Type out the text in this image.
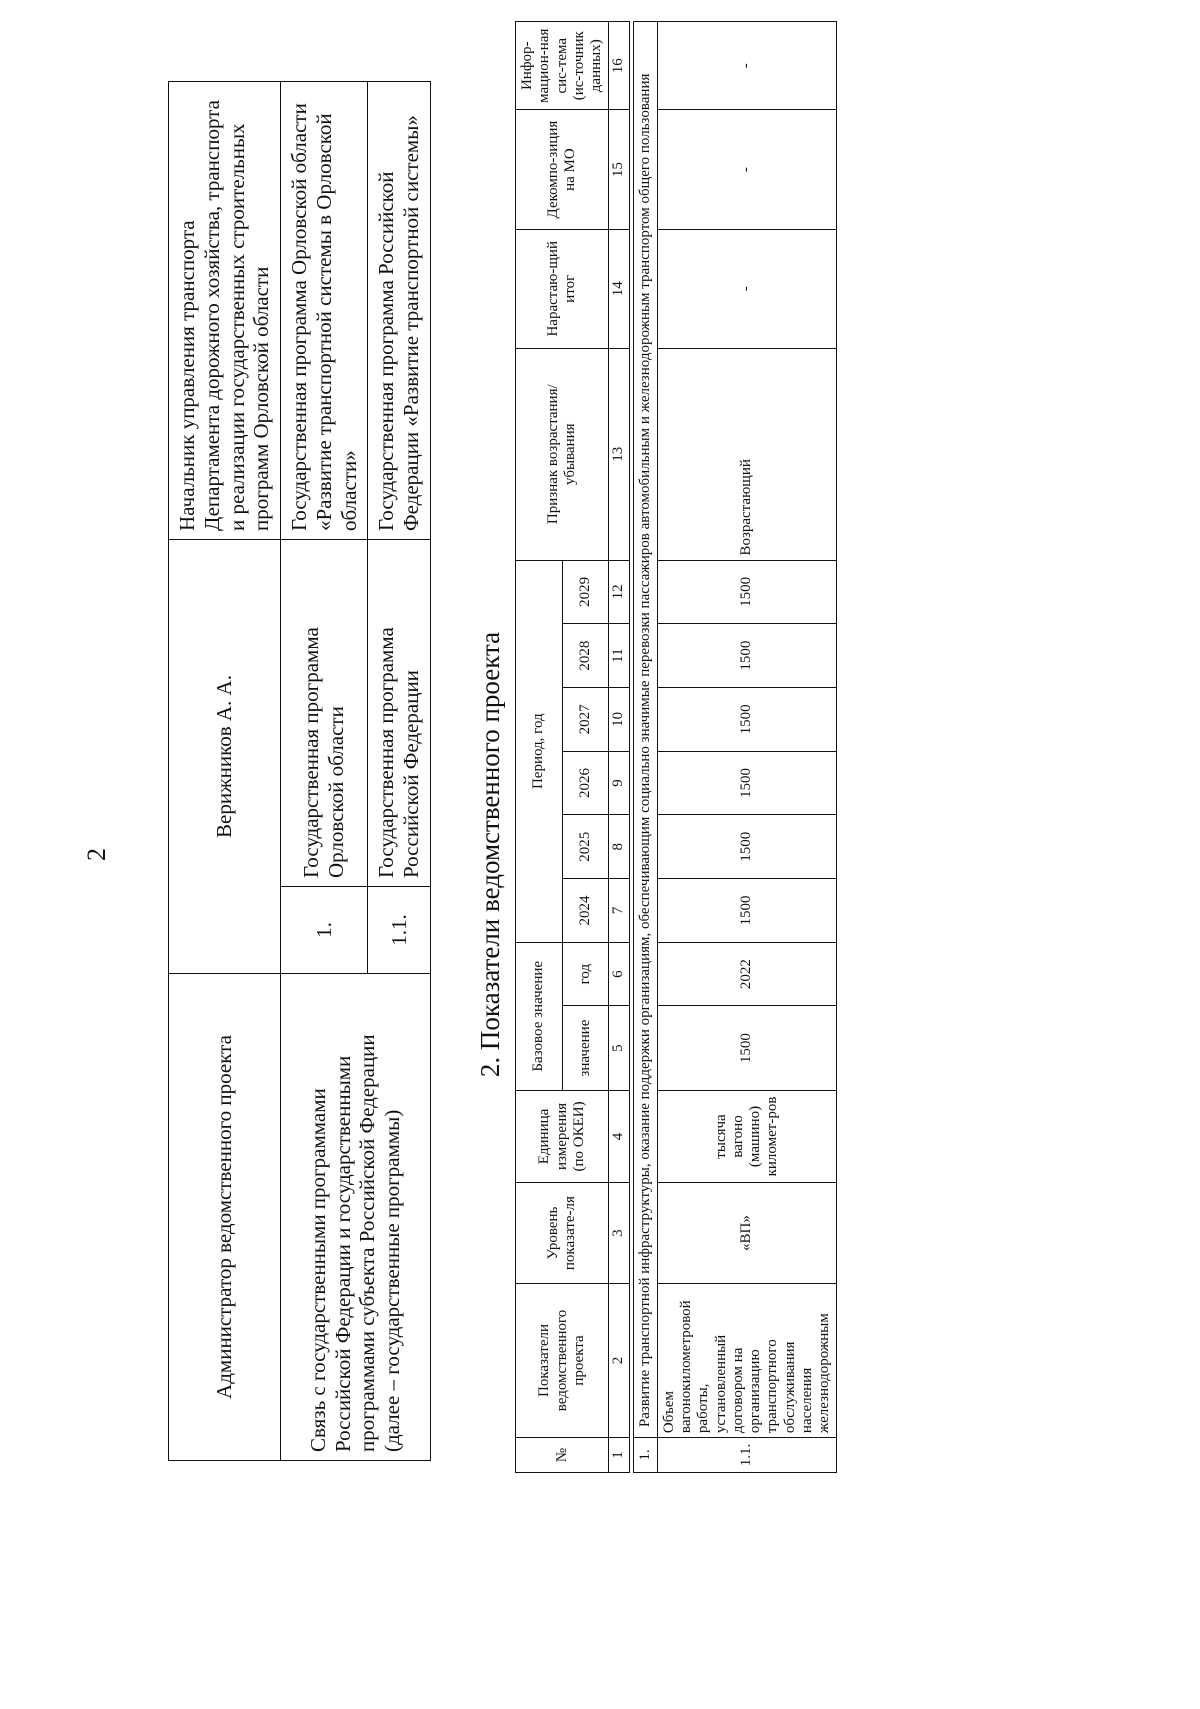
2
Администратор ведомственного проекта	Верижников А. А.		Начальник управления транспорта Департамента дорожного хозяйства, транспорта и реализации государственных строительных программ Орловской области
Связь с государственными программами Российской Федерации и государственными программами субъекта Российской Федерации (далее – государственные программы)	1.	Государственная программа Орловской области	Государственная программа Орловской области «Развитие транспортной системы в Орловской области»
	1.1.	Государственная программа Российской Федерации	Государственная программа Российской Федерации «Развитие транспортной системы»
2. Показатели ведомственного проекта
№	Показатели ведомственного проекта	Уровень показате-ля	Единица измерения (по ОКЕИ)	Базовое значение		Период, год						Признак возрастания/ убывания	Нарастаю-щий итог	Декомпо-зиция на МО	Инфор-мацион-ная сис-тема (ис-точник данных)
				значение	год	2024	2025	2026	2027	2028	2029				
1	2	3	4	5	6	7	8	9	10	11	12	13	14	15	16

1.	Развитие транспортной инфраструктуры, оказание поддержки организациям, обеспечивающим социально значимые перевозки пассажиров автомобильным и железнодорожным транспортом общего пользования														
1.1.	Объем вагонокилометровой работы, установленный договором на организацию транспортного обслуживания населения железнодорожным	«ВП»	тысяча вагоно (машино) километ-ров	1500	2022	1500	1500	1500	1500	1500	1500	Возрастающий	-	-	-
